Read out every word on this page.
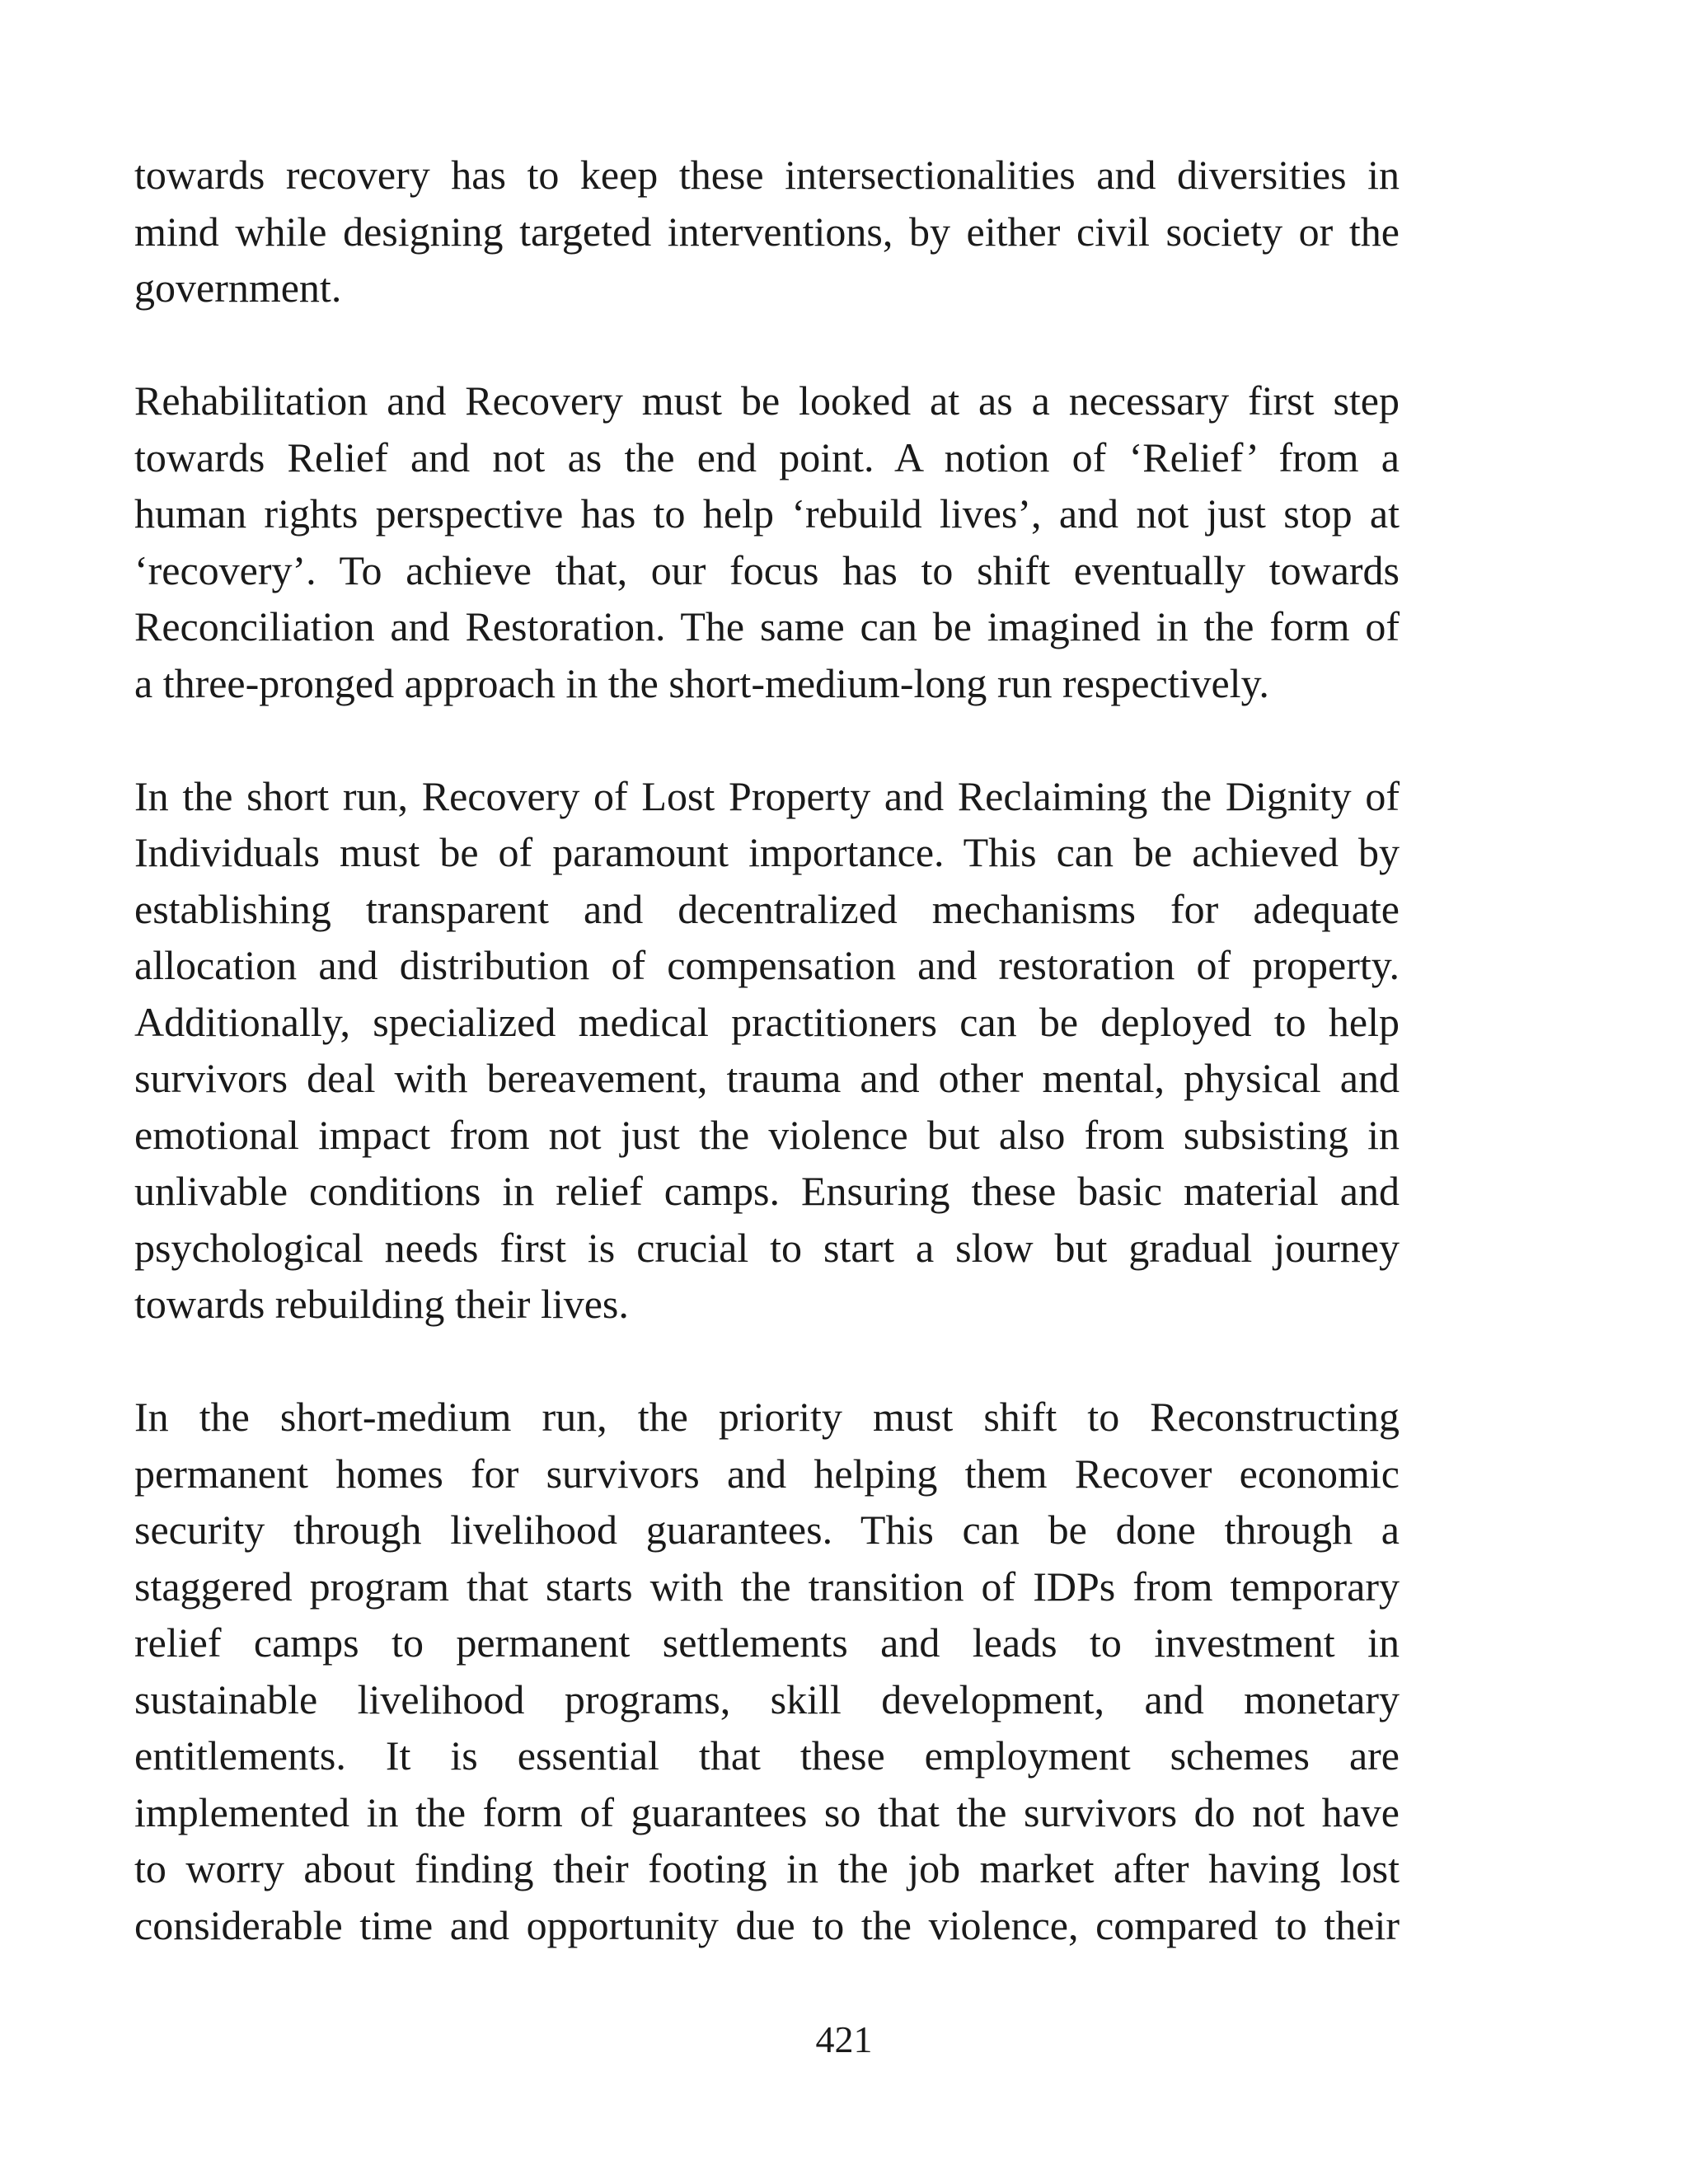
towards recovery has to keep these intersectionalities and diversities in
mind while designing targeted interventions, by either civil society or the
government.
Rehabilitation and Recovery must be looked at as a necessary first step
towards Relief and not as the end point. A notion of ‘Relief’ from a
human rights perspective has to help ‘rebuild lives’, and not just stop at
‘recovery’. To achieve that, our focus has to shift eventually towards
Reconciliation and Restoration. The same can be imagined in the form of
a three-pronged approach in the short-medium-long run respectively.
In the short run, Recovery of Lost Property and Reclaiming the Dignity of
Individuals must be of paramount importance. This can be achieved by
establishing transparent and decentralized mechanisms for adequate
allocation and distribution of compensation and restoration of property.
Additionally, specialized medical practitioners can be deployed to help
survivors deal with bereavement, trauma and other mental, physical and
emotional impact from not just the violence but also from subsisting in
unlivable conditions in relief camps. Ensuring these basic material and
psychological needs first is crucial to start a slow but gradual journey
towards rebuilding their lives.
In the short-medium run, the priority must shift to Reconstructing
permanent homes for survivors and helping them Recover economic
security through livelihood guarantees. This can be done through a
staggered program that starts with the transition of IDPs from temporary
relief camps to permanent settlements and leads to investment in
sustainable livelihood programs, skill development, and monetary
entitlements. It is essential that these employment schemes are
implemented in the form of guarantees so that the survivors do not have
to worry about finding their footing in the job market after having lost
considerable time and opportunity due to the violence, compared to their
421
